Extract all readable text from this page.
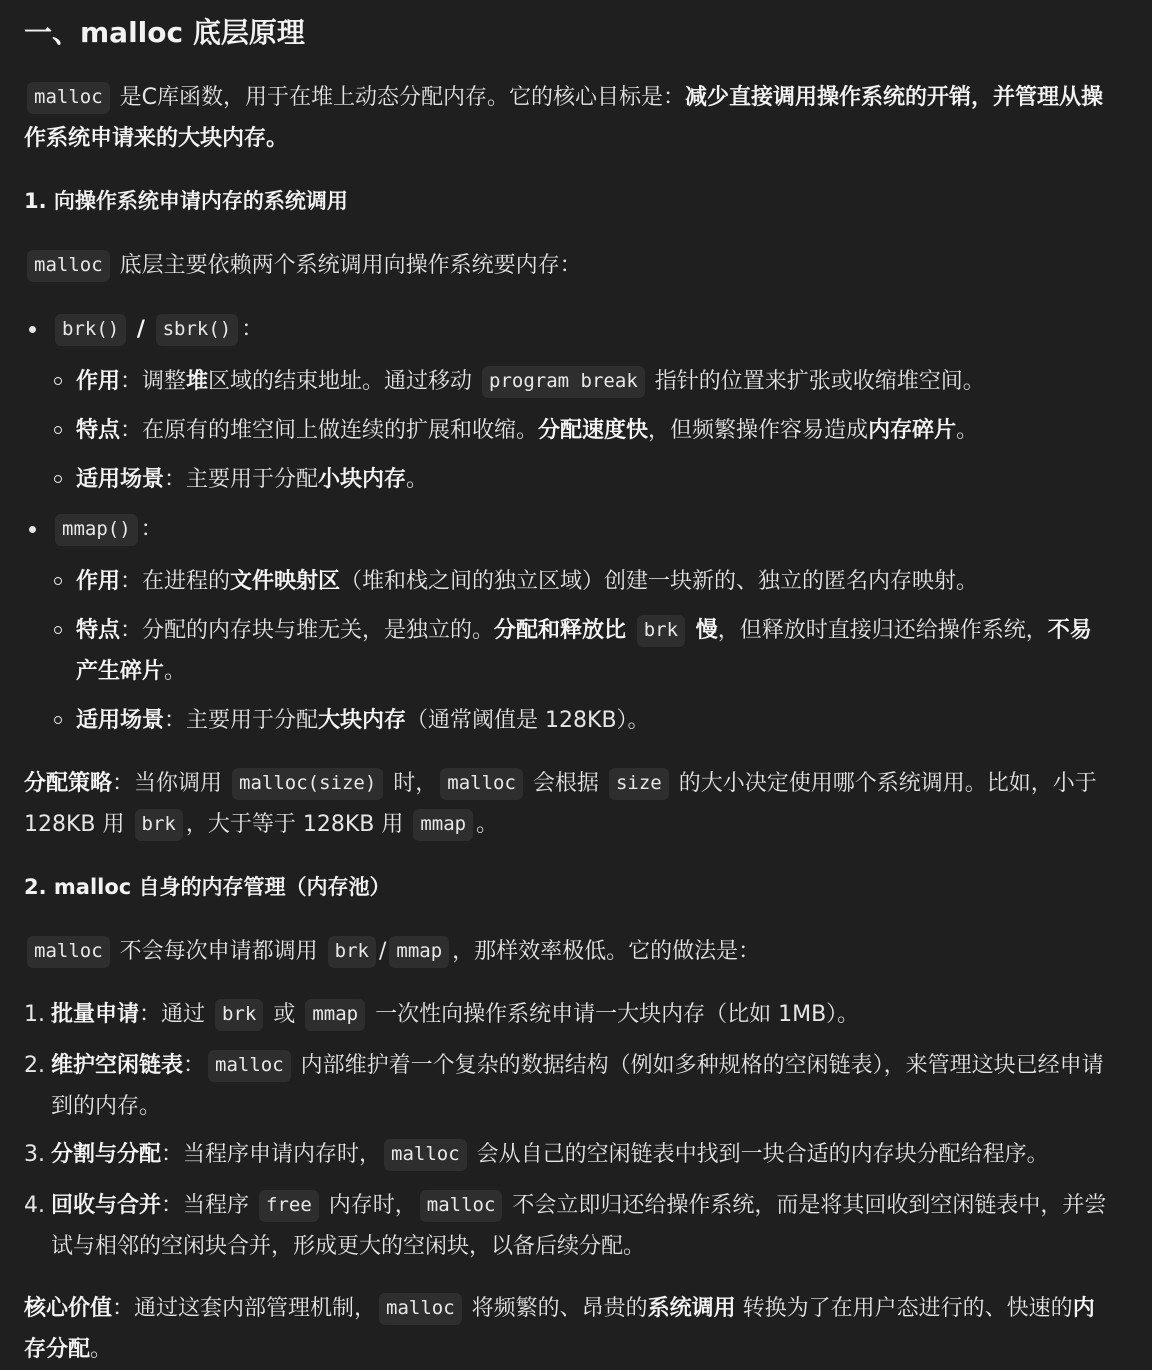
一、malloc 底层原理

malloc 是C库函数，用于在堆上动态分配内存。它的核心目标是：减少直接调用操作系统的开销，并管理从操作系统申请来的大块内存。

1. 向操作系统申请内存的系统调用

malloc 底层主要依赖两个系统调用向操作系统要内存：

brk() / sbrk() ：
作用：调整堆区域的结束地址。通过移动 program break 指针的位置来扩张或收缩堆空间。
特点：在原有的堆空间上做连续的扩展和收缩。分配速度快，但频繁操作容易造成内存碎片。
适用场景：主要用于分配小块内存。
mmap() ：
作用：在进程的文件映射区（堆和栈之间的独立区域）创建一块新的、独立的匿名内存映射。
特点：分配的内存块与堆无关，是独立的。分配和释放比 brk 慢，但释放时直接归还给操作系统，不易产生碎片。
适用场景：主要用于分配大块内存（通常阈值是 128KB）。

分配策略：当你调用 malloc(size) 时， malloc 会根据 size 的大小决定使用哪个系统调用。比如，小于 128KB 用 brk ，大于等于 128KB 用 mmap 。

2. malloc 自身的内存管理（内存池）

malloc 不会每次申请都调用 brk / mmap ，那样效率极低。它的做法是：

1. 批量申请：通过 brk 或 mmap 一次性向操作系统申请一大块内存（比如 1MB）。
2. 维护空闲链表： malloc 内部维护着一个复杂的数据结构（例如多种规格的空闲链表），来管理这块已经申请到的内存。
3. 分割与分配：当程序申请内存时， malloc 会从自己的空闲链表中找到一块合适的内存块分配给程序。
4. 回收与合并：当程序 free 内存时， malloc 不会立即归还给操作系统，而是将其回收到空闲链表中，并尝试与相邻的空闲块合并，形成更大的空闲块，以备后续分配。

核心价值：通过这套内部管理机制， malloc 将频繁的、昂贵的系统调用 转换为了在用户态进行的、快速的内存分配。
